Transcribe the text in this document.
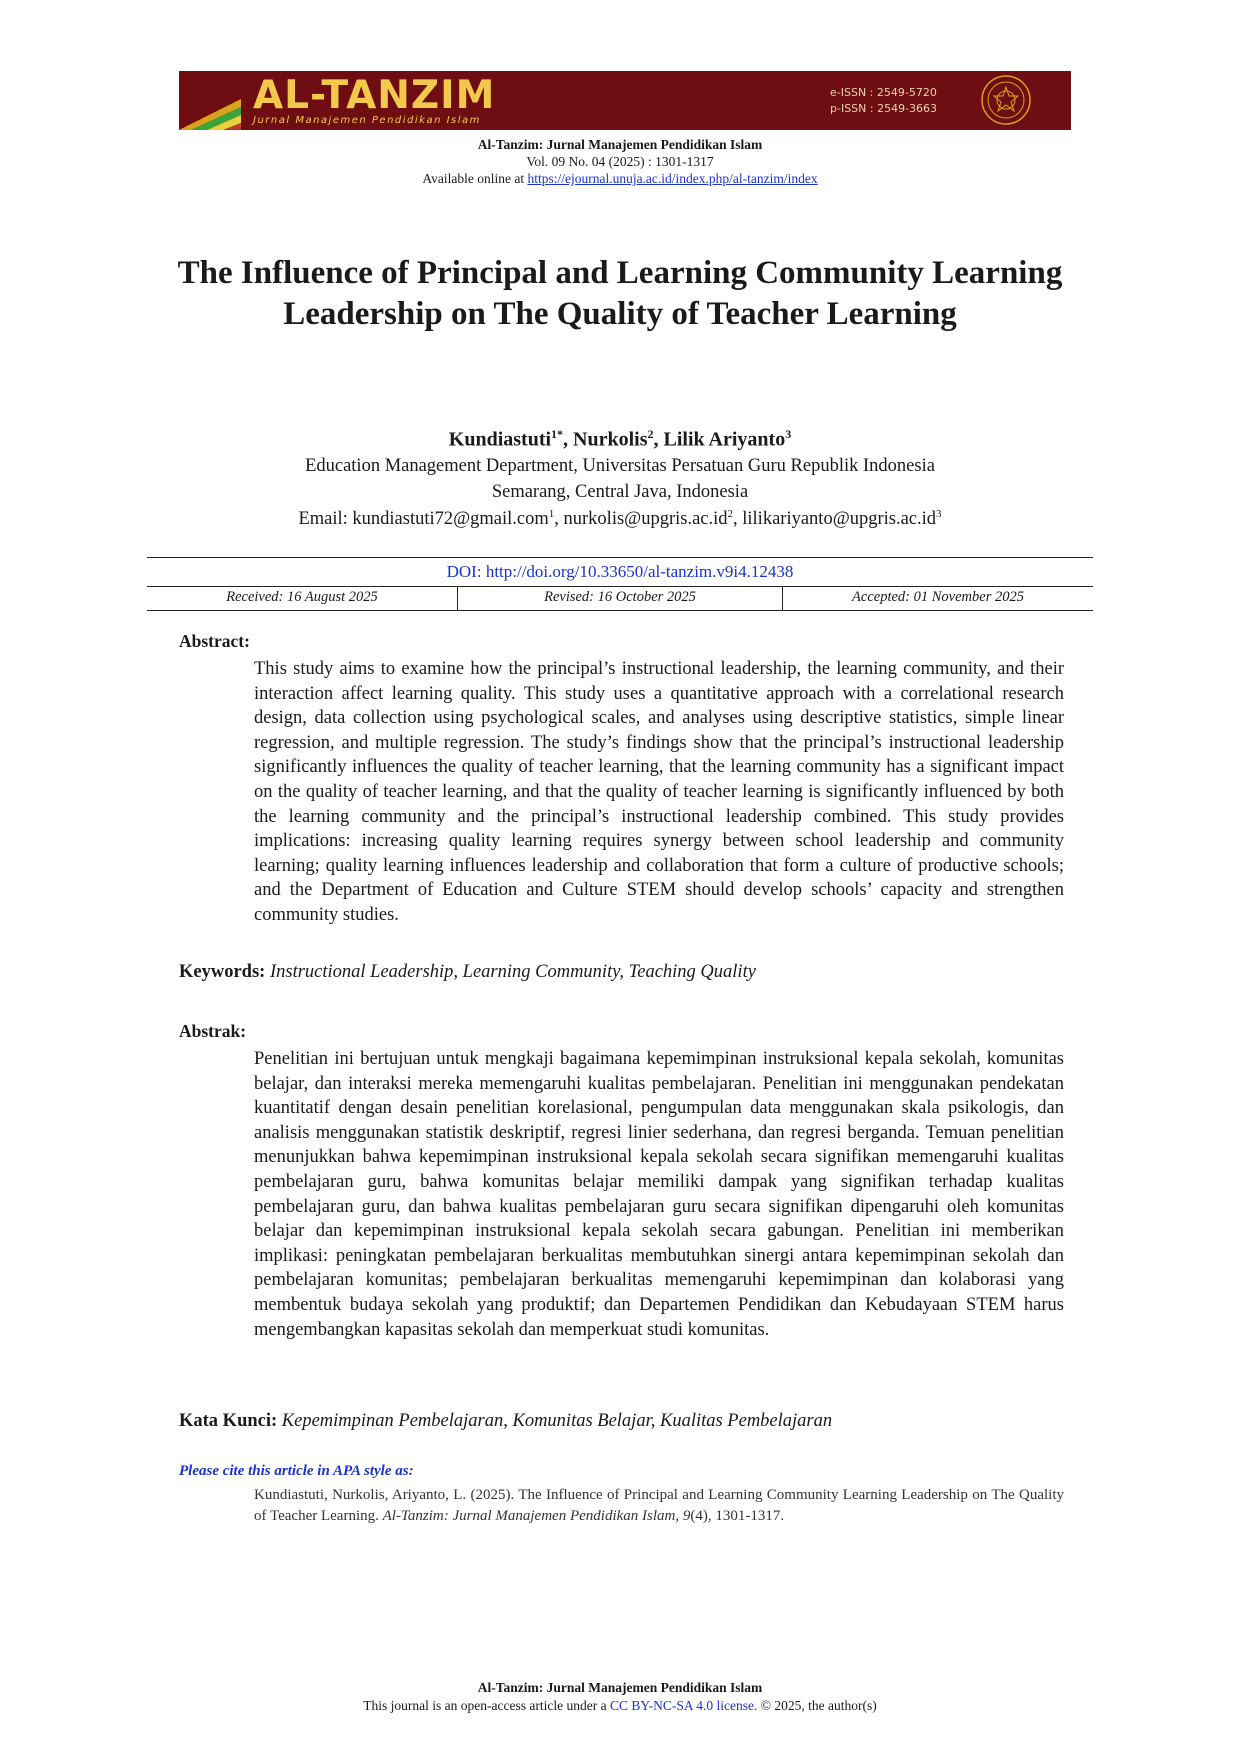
AL-TANZIM
Jurnal Manajemen Pendidikan Islam
e-ISSN : 2549-5720
p-ISSN : 2549-3663
Al-Tanzim: Jurnal Manajemen Pendidikan Islam
Vol. 09 No. 04 (2025) : 1301-1317
Available online at https://ejournal.unuja.ac.id/index.php/al-tanzim/index
The Influence of Principal and Learning Community Learning Leadership on The Quality of Teacher Learning
Kundiastuti$^{1*}$, Nurkolis$^2$, Lilik Ariyanto$^3$
Education Management Department, Universitas Persatuan Guru Republik Indonesia
Semarang, Central Java, Indonesia
Email: kundiastuti72@gmail.com$^1$, $nurkolis@upgris.ac.id^2$, $lilikariyanto@upgris.ac.id^3$
DOI: http://doi.org/10.33650/al-tanzim.v9i4.12438
Received: 16 August 2025	Revised: 16 October 2025	Accepted: 01 November 2025
Abstract:
This study aims to examine how the principal’s instructional leadership, the learning community, and their interaction affect learning quality. This study uses a quantitative approach with a correlational research design, data collection using psychological scales, and analyses using descriptive statistics, simple linear regression, and multiple regression. The study’s findings show that the principal’s instructional leadership significantly influences the quality of teacher learning, that the learning community has a significant impact on the quality of teacher learning, and that the quality of teacher learning is significantly influenced by both the learning community and the principal’s instructional leadership combined. This study provides implications: increasing quality learning requires synergy between school leadership and community learning; quality learning influences leadership and collaboration that form a culture of productive schools; and the Department of Education and Culture STEM should develop schools’ capacity and strengthen community studies.
Keywords: Instructional Leadership, Learning Community, Teaching Quality
Abstrak:
Penelitian ini bertujuan untuk mengkaji bagaimana kepemimpinan instruksional kepala sekolah, komunitas belajar, dan interaksi mereka memengaruhi kualitas pembelajaran. Penelitian ini menggunakan pendekatan kuantitatif dengan desain penelitian korelasional, pengumpulan data menggunakan skala psikologis, dan analisis menggunakan statistik deskriptif, regresi linier sederhana, dan regresi berganda. Temuan penelitian menunjukkan bahwa kepemimpinan instruksional kepala sekolah secara signifikan memengaruhi kualitas pembelajaran guru, bahwa komunitas belajar memiliki dampak yang signifikan terhadap kualitas pembelajaran guru, dan bahwa kualitas pembelajaran guru secara signifikan dipengaruhi oleh komunitas belajar dan kepemimpinan instruksional kepala sekolah secara gabungan. Penelitian ini memberikan implikasi: peningkatan pembelajaran berkualitas membutuhkan sinergi antara kepemimpinan sekolah dan pembelajaran komunitas; pembelajaran berkualitas memengaruhi kepemimpinan dan kolaborasi yang membentuk budaya sekolah yang produktif; dan Departemen Pendidikan dan Kebudayaan STEM harus mengembangkan kapasitas sekolah dan memperkuat studi komunitas.
Kata Kunci: Kepemimpinan Pembelajaran, Komunitas Belajar, Kualitas Pembelajaran
Please cite this article in APA style as:
Kundiastuti, Nurkolis, Ariyanto, L. (2025). The Influence of Principal and Learning Community Learning Leadership on The Quality of Teacher Learning. Al-Tanzim: Jurnal Manajemen Pendidikan Islam, 9(4), 1301-1317.
Al-Tanzim: Jurnal Manajemen Pendidikan Islam
This journal is an open-access article under a CC BY-NC-SA 4.0 license. © 2025, the author(s)
